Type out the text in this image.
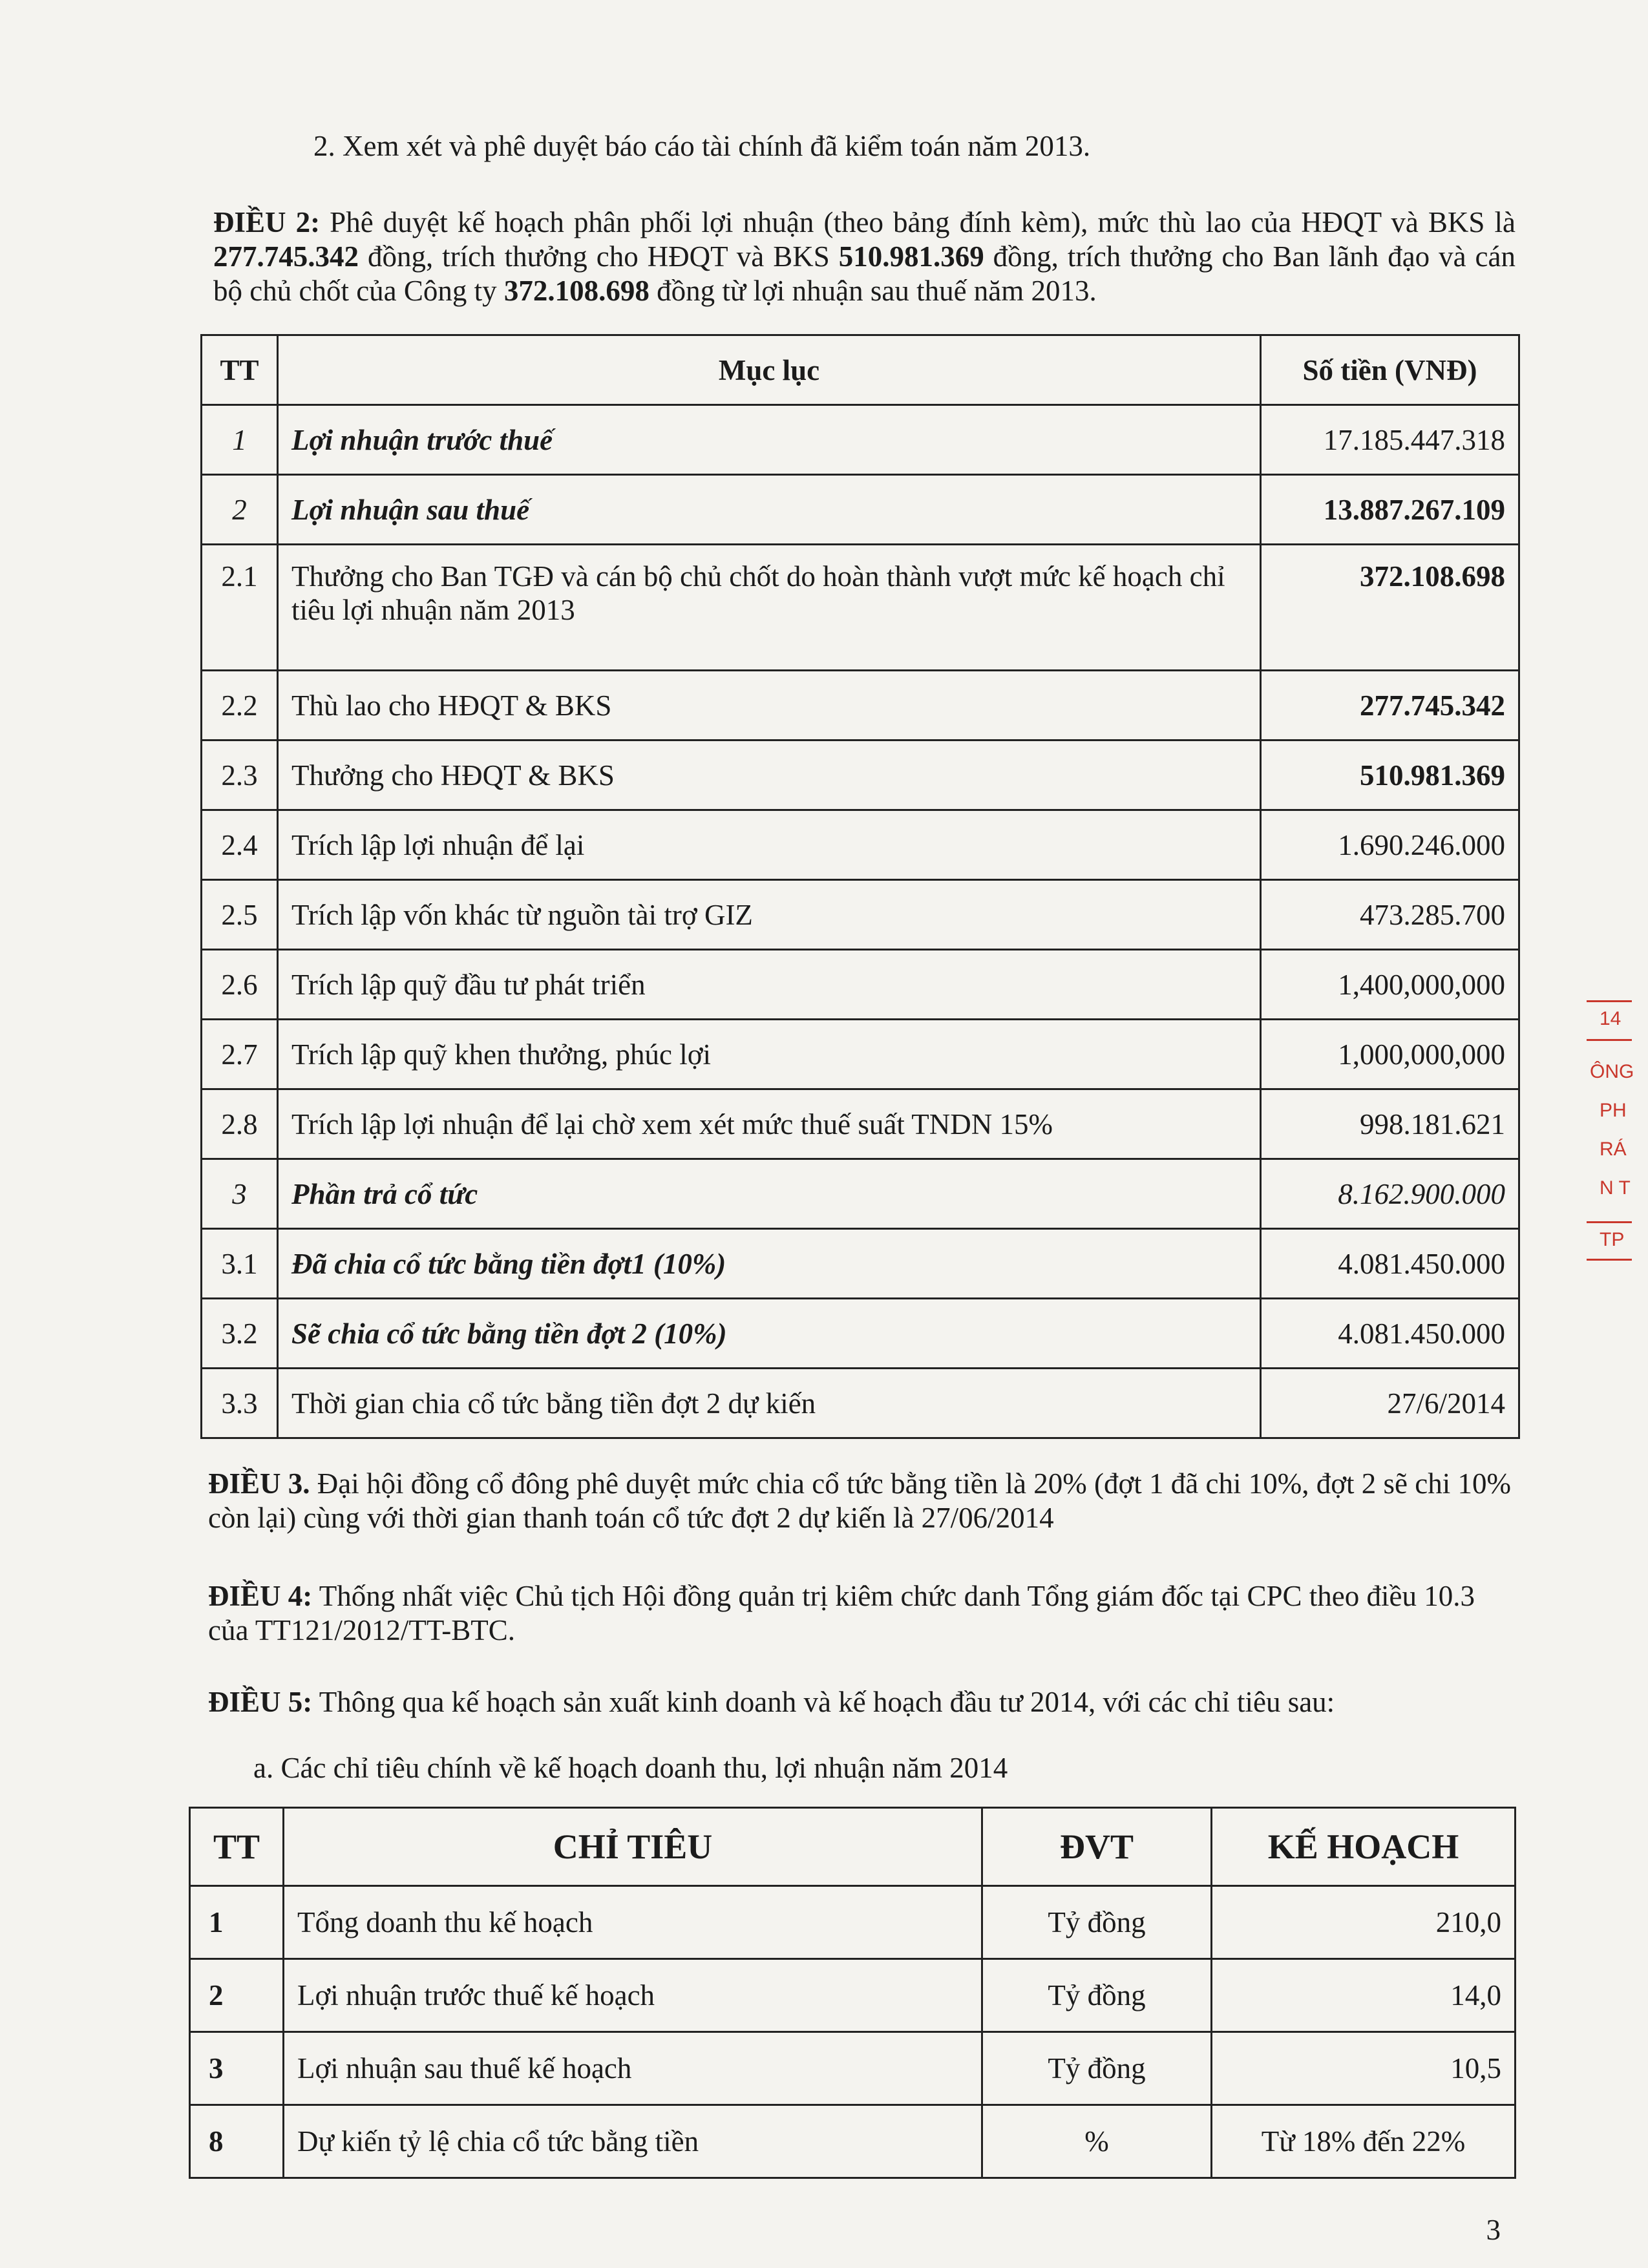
2. Xem xét và phê duyệt báo cáo tài chính đã kiểm toán năm 2013.
ĐIỀU 2: Phê duyệt kế hoạch phân phối lợi nhuận (theo bảng đính kèm), mức thù lao của HĐQT và BKS là 277.745.342 đồng, trích thưởng cho HĐQT và BKS 510.981.369 đồng, trích thưởng cho Ban lãnh đạo và cán bộ chủ chốt của Công ty 372.108.698 đồng từ lợi nhuận sau thuế năm 2013.
TT	Mục lục	Số tiền (VNĐ)
1	Lợi nhuận trước thuế	17.185.447.318
2	Lợi nhuận sau thuế	13.887.267.109
2.1	Thưởng cho Ban TGĐ và cán bộ chủ chốt do hoàn thành vượt mức kế hoạch chỉ tiêu lợi nhuận năm 2013	372.108.698
2.2	Thù lao cho HĐQT & BKS	277.745.342
2.3	Thưởng cho HĐQT & BKS	510.981.369
2.4	Trích lập lợi nhuận để lại	1.690.246.000
2.5	Trích lập vốn khác từ nguồn tài trợ GIZ	473.285.700
2.6	Trích lập quỹ đầu tư phát triển	1,400,000,000
2.7	Trích lập quỹ khen thưởng, phúc lợi	1,000,000,000
2.8	Trích lập lợi nhuận để lại chờ xem xét mức thuế suất TNDN 15%	998.181.621
3	Phần trả cổ tức	8.162.900.000
3.1	Đã chia cổ tức bằng tiền đợt1 (10%)	4.081.450.000
3.2	Sẽ chia cổ tức bằng tiền đợt 2 (10%)	4.081.450.000
3.3	Thời gian chia cổ tức bằng tiền đợt 2 dự kiến	27/6/2014
ĐIỀU 3. Đại hội đồng cổ đông phê duyệt mức chia cổ tức bằng tiền là 20% (đợt 1 đã chi 10%, đợt 2 sẽ chi 10% còn lại) cùng với thời gian thanh toán cổ tức đợt 2 dự kiến là 27/06/2014
ĐIỀU 4: Thống nhất việc Chủ tịch Hội đồng quản trị kiêm chức danh Tổng giám đốc tại CPC theo điều 10.3 của TT121/2012/TT-BTC.
ĐIỀU 5: Thông qua kế hoạch sản xuất kinh doanh và kế hoạch đầu tư 2014, với các chỉ tiêu sau:
a. Các chỉ tiêu chính về kế hoạch doanh thu, lợi nhuận năm 2014
TT	CHỈ TIÊU	ĐVT	KẾ HOẠCH
1	Tổng doanh thu kế hoạch	Tỷ đồng	210,0
2	Lợi nhuận trước thuế kế hoạch	Tỷ đồng	14,0
3	Lợi nhuận sau thuế kế hoạch	Tỷ đồng	10,5
8	Dự kiến tỷ lệ chia cổ tức bằng tiền	%	Từ 18% đến 22%
14
ÔNG
PH
RÁ
N T
TP
3
